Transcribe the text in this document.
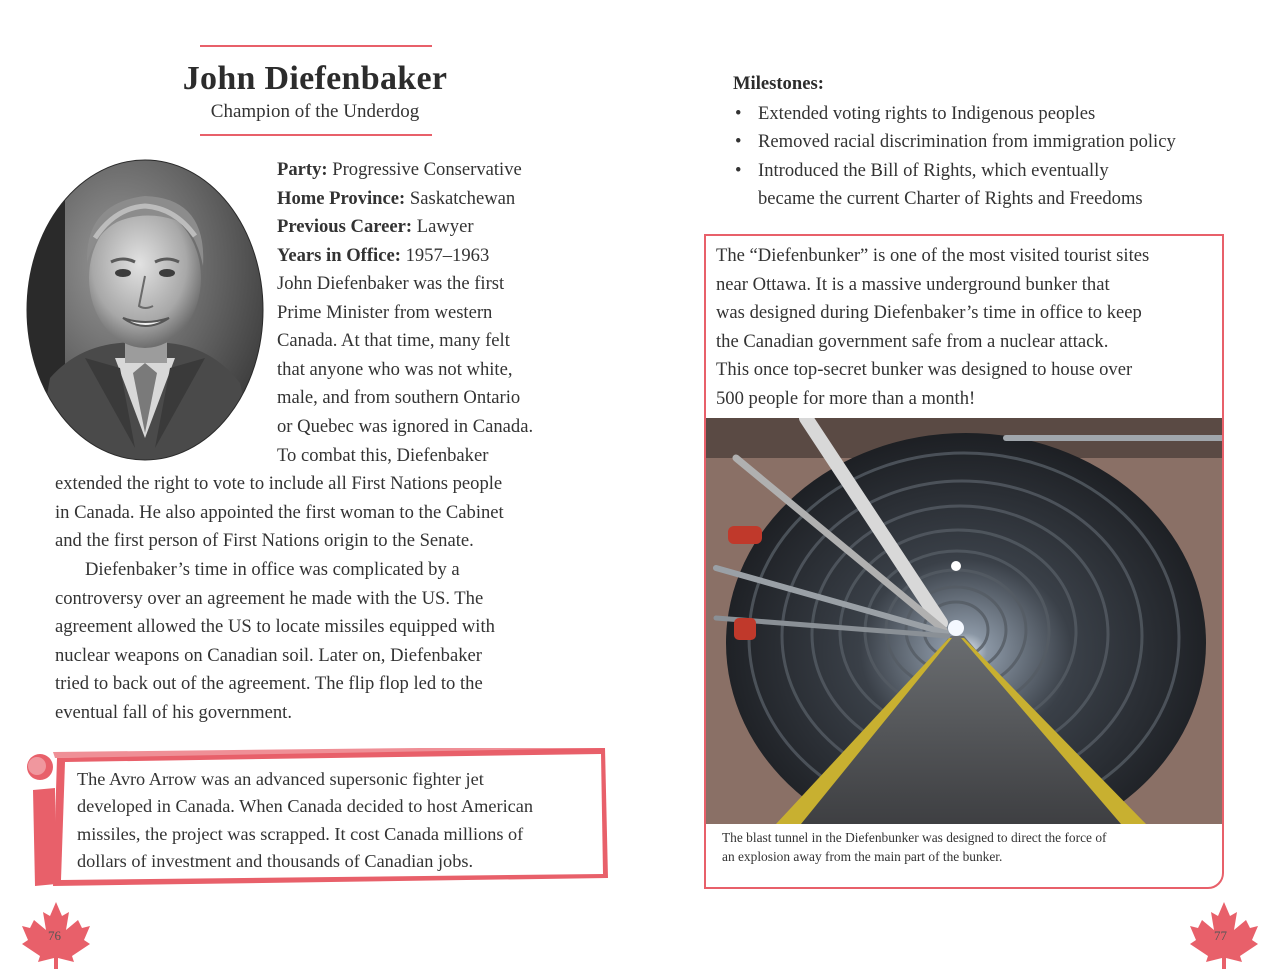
John Diefenbaker
Champion of the Underdog
Party: Progressive Conservative
Home Province: Saskatchewan
Previous Career: Lawyer
Years in Office: 1957–1963
John Diefenbaker was the first
Prime Minister from western
Canada. At that time, many felt
that anyone who was not white,
male, and from southern Ontario
or Quebec was ignored in Canada.
To combat this, Diefenbaker
extended the right to vote to include all First Nations people
in Canada. He also appointed the first woman to the Cabinet
and the first person of First Nations origin to the Senate.
Diefenbaker’s time in office was complicated by a
controversy over an agreement he made with the US. The
agreement allowed the US to locate missiles equipped with
nuclear weapons on Canadian soil. Later on, Diefenbaker
tried to back out of the agreement. The flip flop led to the
eventual fall of his government.
The Avro Arrow was an advanced supersonic fighter jet
developed in Canada. When Canada decided to host American
missiles, the project was scrapped. It cost Canada millions of
dollars of investment and thousands of Canadian jobs.
76
Milestones:
• Extended voting rights to Indigenous peoples
• Removed racial discrimination from immigration policy
• Introduced the Bill of Rights, which eventually
became the current Charter of Rights and Freedoms
The “Diefenbunker” is one of the most visited tourist sites
near Ottawa. It is a massive underground bunker that
was designed during Diefenbaker’s time in office to keep
the Canadian government safe from a nuclear attack.
This once top-secret bunker was designed to house over
500 people for more than a month!
The blast tunnel in the Diefenbunker was designed to direct the force of
an explosion away from the main part of the bunker.
77
